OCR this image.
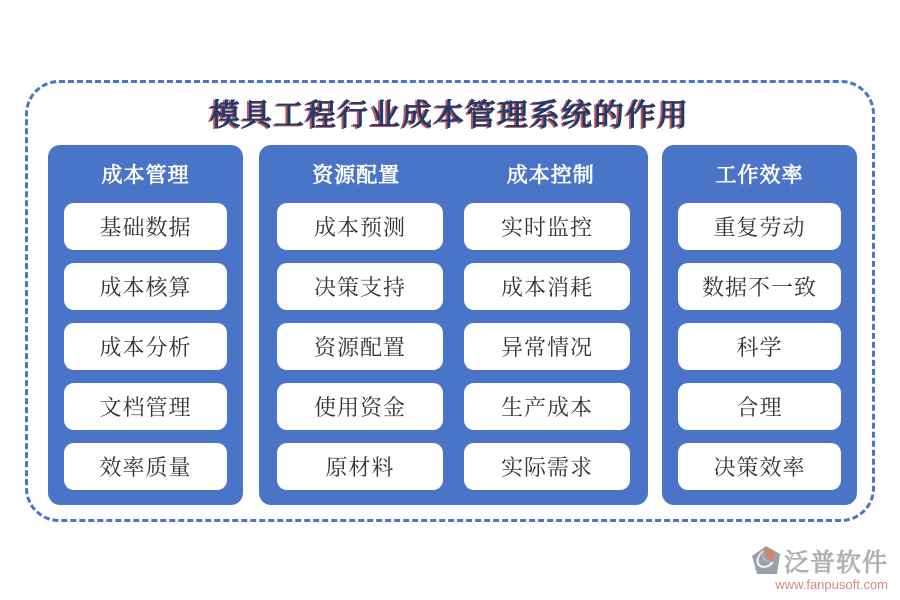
模具工程行业成本管理系统的作用
成本管理
基础数据
成本核算
成本分析
文档管理
效率质量
资源配置	成本控制
成本预测
决策支持
资源配置
使用资金
原材料
实时监控
成本消耗
异常情况
生产成本
实际需求
工作效率
重复劳动
数据不一致
科学
合理
决策效率
泛普软件
www.fanpusoft.com
